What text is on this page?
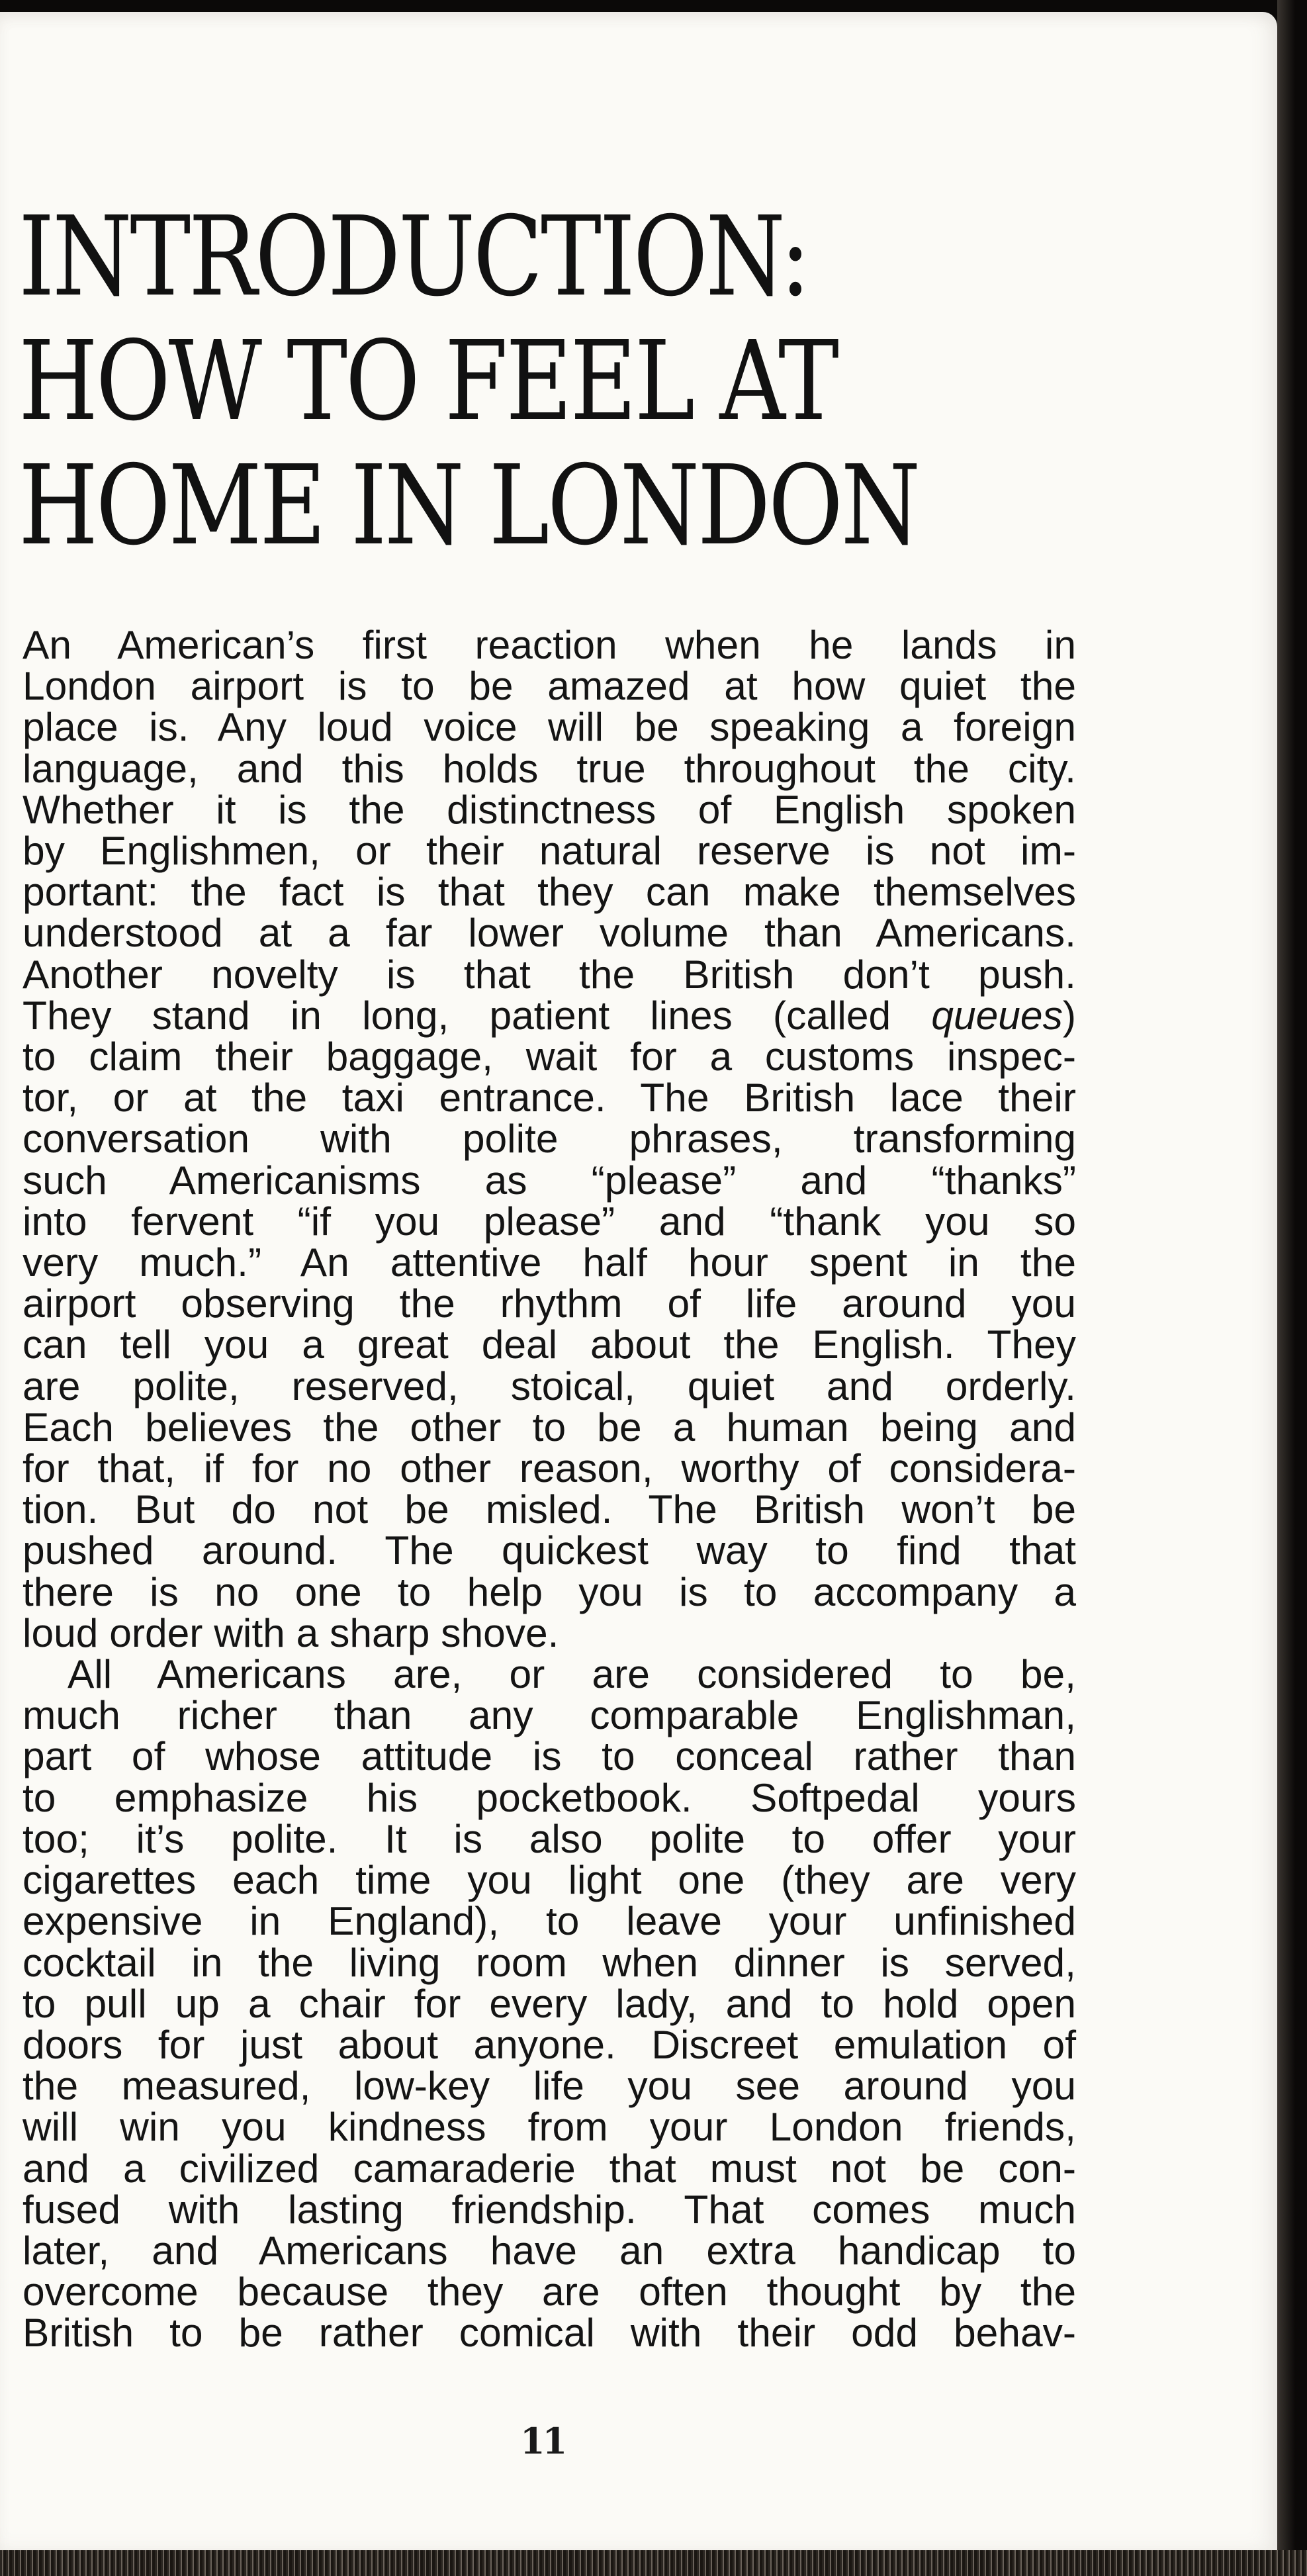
INTRODUCTION:
HOW TO FEEL AT
HOME IN LONDON

An American’s first reaction when he lands in

London airport is to be amazed at how quiet the

place is. Any loud voice will be speaking a foreign

language, and this holds true throughout the city.

Whether it is the distinctness of English spoken

by Englishmen, or their natural reserve is not im-

portant: the fact is that they can make themselves

understood at a far lower volume than Americans.

Another novelty is that the British don’t push.

They stand in long, patient lines (called queues)

to claim their baggage, wait for a customs inspec-

tor, or at the taxi entrance. The British lace their

conversation with polite phrases, transforming

such Americanisms as “please” and “thanks”

into fervent “if you please” and “thank you so

very much.” An attentive half hour spent in the

airport observing the rhythm of life around you

can tell you a great deal about the English. They

are polite, reserved, stoical, quiet and orderly.

Each believes the other to be a human being and

for that, if for no other reason, worthy of considera-

tion. But do not be misled. The British won’t be

pushed around. The quickest way to find that

there is no one to help you is to accompany a

loud order with a sharp shove.

All Americans are, or are considered to be,

much richer than any comparable Englishman,

part of whose attitude is to conceal rather than

to emphasize his pocketbook. Softpedal yours

too; it’s polite. It is also polite to offer your

cigarettes each time you light one (they are very

expensive in England), to leave your unfinished

cocktail in the living room when dinner is served,

to pull up a chair for every lady, and to hold open

doors for just about anyone. Discreet emulation of

the measured, low-key life you see around you

will win you kindness from your London friends,

and a civilized camaraderie that must not be con-

fused with lasting friendship. That comes much

later, and Americans have an extra handicap to

overcome because they are often thought by the

British to be rather comical with their odd behav-

11
